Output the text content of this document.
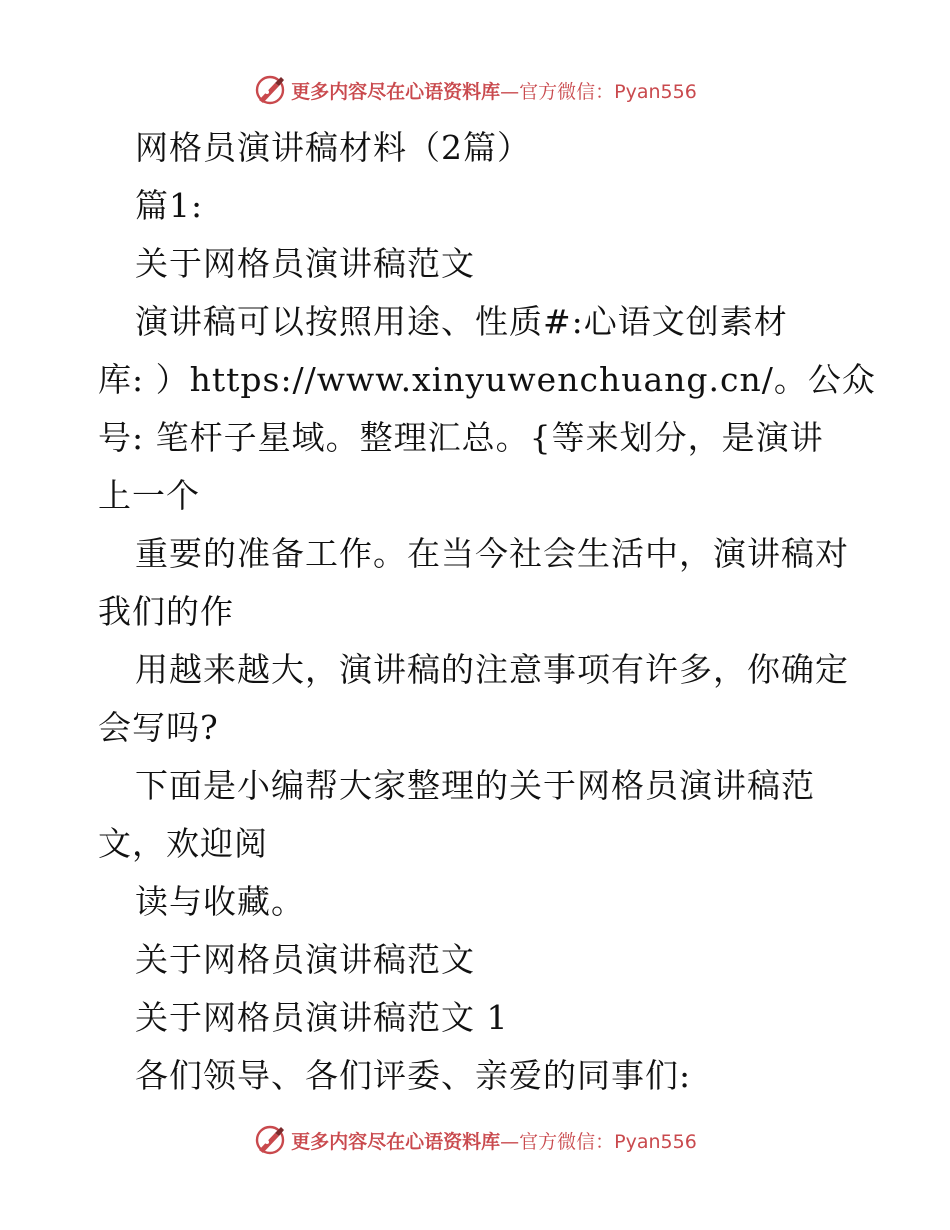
更多内容尽在心语资料库 —官方微信：Pyan556
网格员演讲稿材料（2篇）
篇1:
关于网格员演讲稿范文
演讲稿可以按照用途、性质#:心语文创素材
库: ）https://www.xinyuwenchuang.cn/。公众
号: 笔杆子星域。整理汇总。{等来划分，是演讲
上一个
重要的准备工作。在当今社会生活中，演讲稿对
我们的作
用越来越大，演讲稿的注意事项有许多，你确定
会写吗?
下面是小编帮大家整理的关于网格员演讲稿范
文，欢迎阅
读与收藏。
关于网格员演讲稿范文
关于网格员演讲稿范文 1
各们领导、各们评委、亲爱的同事们:
更多内容尽在心语资料库 —官方微信：Pyan556
